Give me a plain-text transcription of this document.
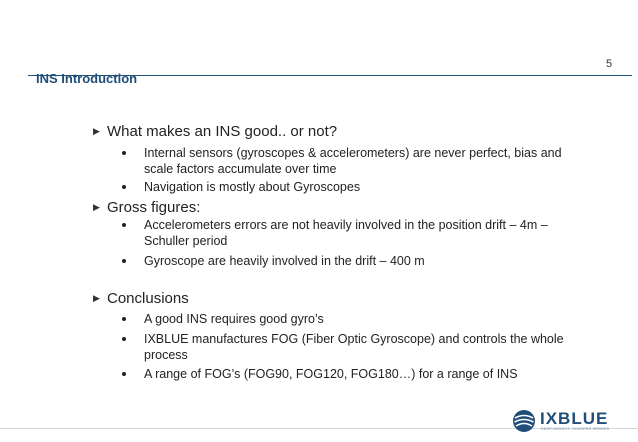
5
INS Introduction
▶ What makes an INS good.. or not?
Internal sensors (gyroscopes & accelerometers) are never perfect, bias and scale factors accumulate over time
Navigation is mostly about Gyroscopes
▶ Gross figures:
Accelerometers errors are not heavily involved in the position drift – 4m – Schuller period
Gyroscope are heavily involved in the drift – 400 m
▶ Conclusions
A good INS requires good gyro’s
IXBLUE manufactures FOG (Fiber Optic Gyroscope) and controls the whole process
A range of FOG’s (FOG90, FOG120, FOG180…) for a range of INS
IXBLUE
DEEP INSIGHT. SHARPER SENSES
